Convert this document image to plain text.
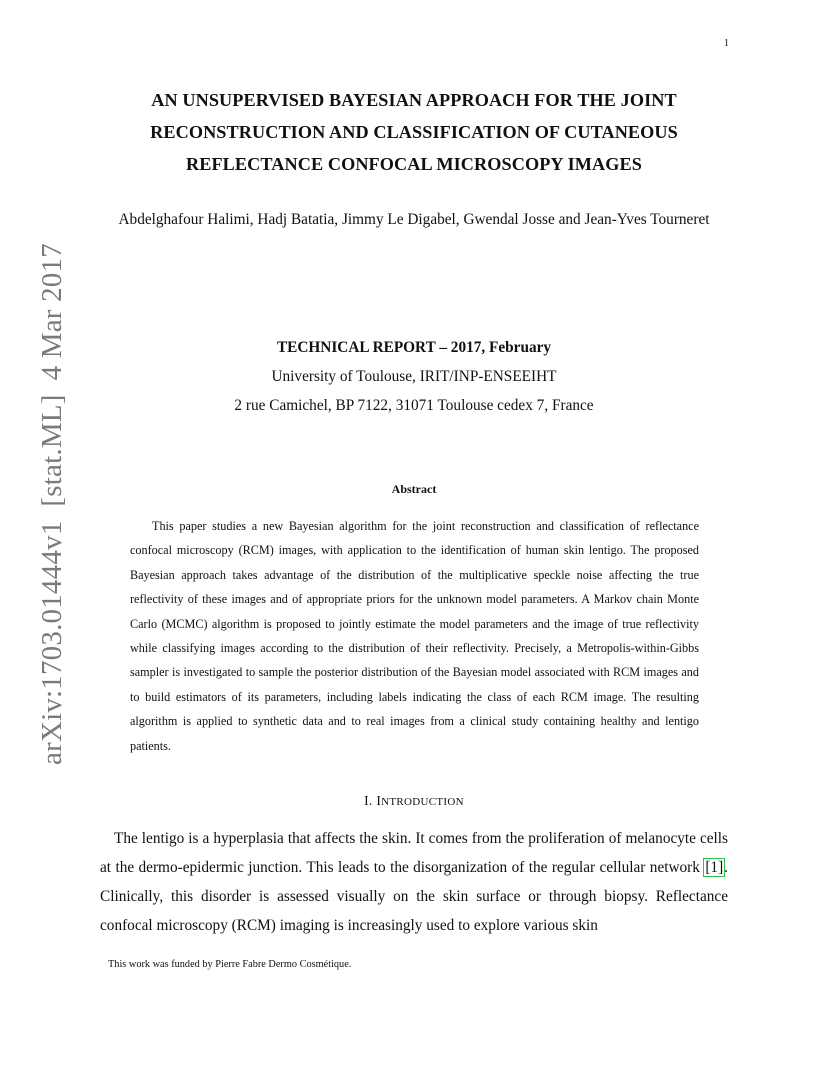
1
arXiv:1703.01444v1[stat.ML]4 Mar 2017
AN UNSUPERVISED BAYESIAN APPROACH FOR THE JOINT
RECONSTRUCTION AND CLASSIFICATION OF CUTANEOUS
REFLECTANCE CONFOCAL MICROSCOPY IMAGES
Abdelghafour Halimi, Hadj Batatia, Jimmy Le Digabel, Gwendal Josse and Jean-Yves Tourneret
TECHNICAL REPORT – 2017, February
University of Toulouse, IRIT/INP-ENSEEIHT
2 rue Camichel, BP 7122, 31071 Toulouse cedex 7, France
Abstract
This paper studies a new Bayesian algorithm for the joint reconstruction and classification of reflectance confocal microscopy (RCM) images, with application to the identification of human skin lentigo. The proposed Bayesian approach takes advantage of the distribution of the multiplicative speckle noise affecting the true reflectivity of these images and of appropriate priors for the unknown model parameters. A Markov chain Monte Carlo (MCMC) algorithm is proposed to jointly estimate the model parameters and the image of true reflectivity while classifying images according to the distribution of their reflectivity. Precisely, a Metropolis-within-Gibbs sampler is investigated to sample the posterior distribution of the Bayesian model associated with RCM images and to build estimators of its parameters, including labels indicating the class of each RCM image. The resulting algorithm is applied to synthetic data and to real images from a clinical study containing healthy and lentigo patients.
I. INTRODUCTION
The lentigo is a hyperplasia that affects the skin. It comes from the proliferation of melanocyte cells at the dermo-epidermic junction. This leads to the disorganization of the regular cellular network [1]. Clinically, this disorder is assessed visually on the skin surface or through biopsy. Reflectance confocal microscopy (RCM) imaging is increasingly used to explore various skin
This work was funded by Pierre Fabre Dermo Cosmétique.
